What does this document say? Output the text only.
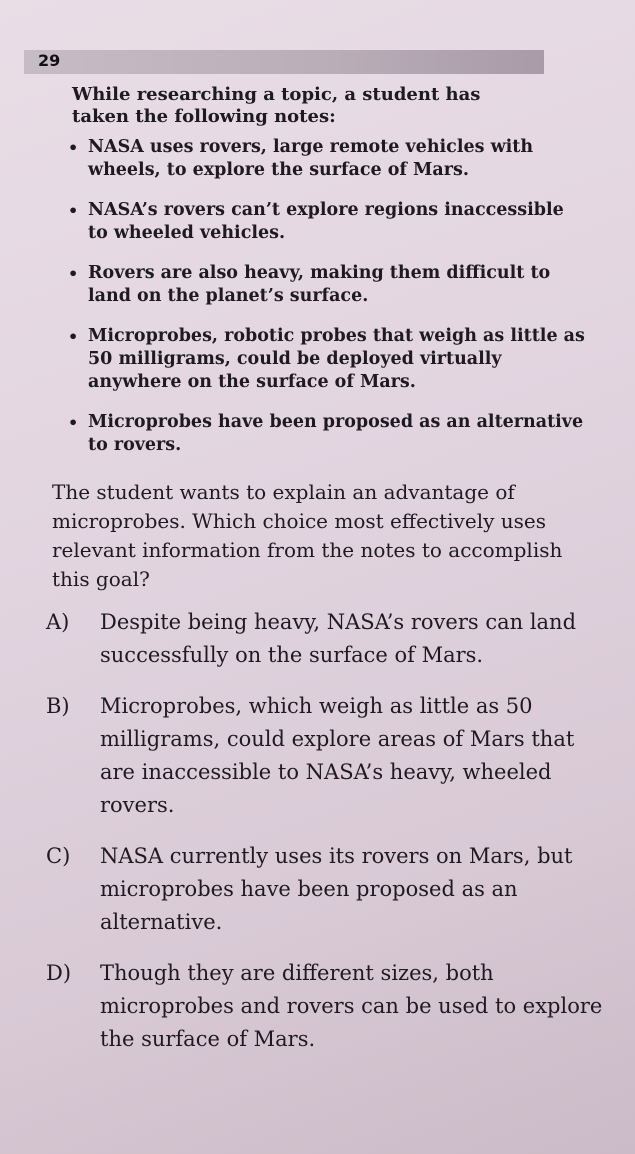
29
While researching a topic, a student has taken the following notes:
• NASA uses rovers, large remote vehicles with wheels, to explore the surface of Mars.
• NASA’s rovers can’t explore regions inaccessible to wheeled vehicles.
• Rovers are also heavy, making them difficult to land on the planet’s surface.
• Microprobes, robotic probes that weigh as little as 50 milligrams, could be deployed virtually anywhere on the surface of Mars.
• Microprobes have been proposed as an alternative to rovers.
The student wants to explain an advantage of microprobes. Which choice most effectively uses relevant information from the notes to accomplish this goal?
A) Despite being heavy, NASA’s rovers can land successfully on the surface of Mars.
B) Microprobes, which weigh as little as 50 milligrams, could explore areas of Mars that are inaccessible to NASA’s heavy, wheeled rovers.
C) NASA currently uses its rovers on Mars, but microprobes have been proposed as an alternative.
D) Though they are different sizes, both microprobes and rovers can be used to explore the surface of Mars.
